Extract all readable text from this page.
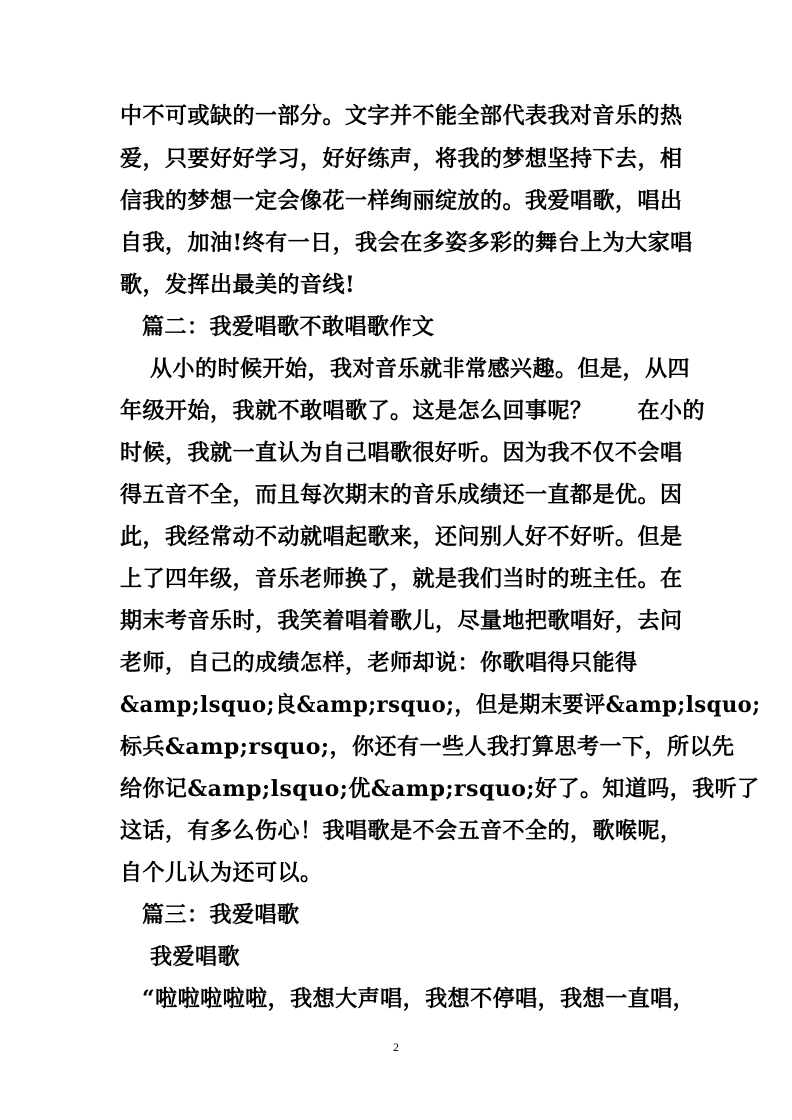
中不可或缺的一部分。文字并不能全部代表我对音乐的热
爱，只要好好学习，好好练声，将我的梦想坚持下去，相
信我的梦想一定会像花一样绚丽绽放的。我爱唱歌，唱出
自我，加油!终有一日，我会在多姿多彩的舞台上为大家唱
歌，发挥出最美的音线!
篇二：我爱唱歌不敢唱歌作文
从小的时候开始，我对音乐就非常感兴趣。但是，从四
年级开始，我就不敢唱歌了。这是怎么回事呢？　　在小的
时候，我就一直认为自己唱歌很好听。因为我不仅不会唱
得五音不全，而且每次期末的音乐成绩还一直都是优。因
此，我经常动不动就唱起歌来，还问别人好不好听。但是
上了四年级，音乐老师换了，就是我们当时的班主任。在
期末考音乐时，我笑着唱着歌儿，尽量地把歌唱好，去问
老师，自己的成绩怎样，老师却说：你歌唱得只能得
&amp;lsquo;良&amp;rsquo;，但是期末要评&amp;lsquo;
标兵&amp;rsquo;，你还有一些人我打算思考一下，所以先
给你记&amp;lsquo;优&amp;rsquo;好了。知道吗，我听了
这话，有多么伤心！我唱歌是不会五音不全的，歌喉呢，
自个儿认为还可以。
篇三：我爱唱歌
我爱唱歌
“啦啦啦啦啦，我想大声唱，我想不停唱，我想一直唱，
2
